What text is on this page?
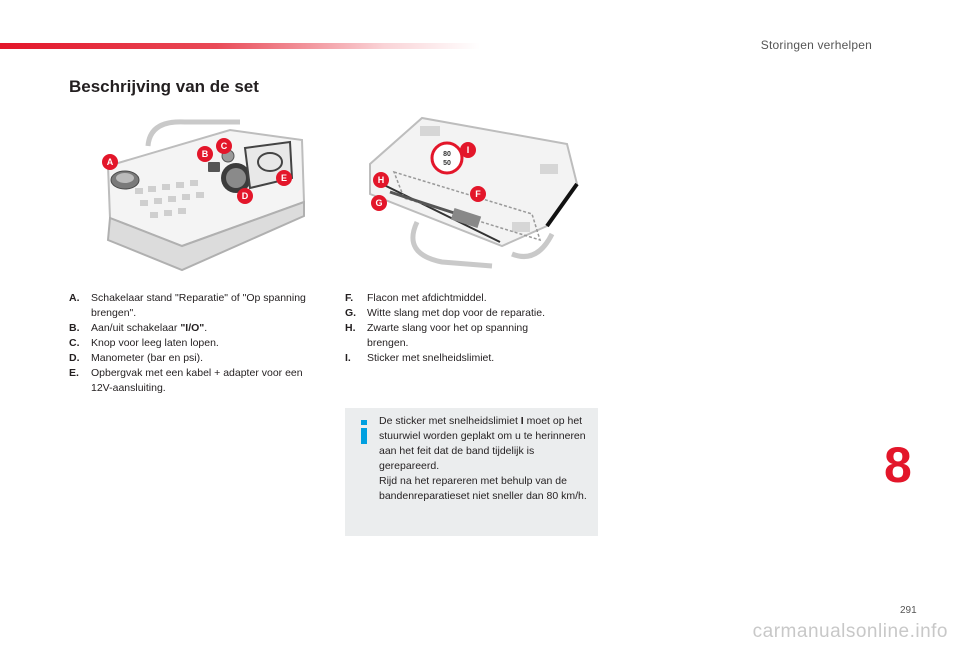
Storingen verhelpen
Beschrijving van de set
A
B
C
D
E
80
50
I
H
F
G
A.	Schakelaar stand "Reparatie" of "Op spanning brengen".
B.	Aan/uit schakelaar "I/O".
C.	Knop voor leeg laten lopen.
D.	Manometer (bar en psi).
E.	Opbergvak met een kabel + adapter voor een 12V-aansluiting.
F.	Flacon met afdichtmiddel.
G.	Witte slang met dop voor de reparatie.
H.	Zwarte slang voor het op spanning brengen.
I.	Sticker met snelheidslimiet.

De sticker met snelheidslimiet I moet op het stuurwiel worden geplakt om u te herinneren aan het feit dat de band tijdelijk is gerepareerd.

Rijd na het repareren met behulp van de bandenreparatieset niet sneller dan 80 km/h.

8
291
carmanualsonline.info
